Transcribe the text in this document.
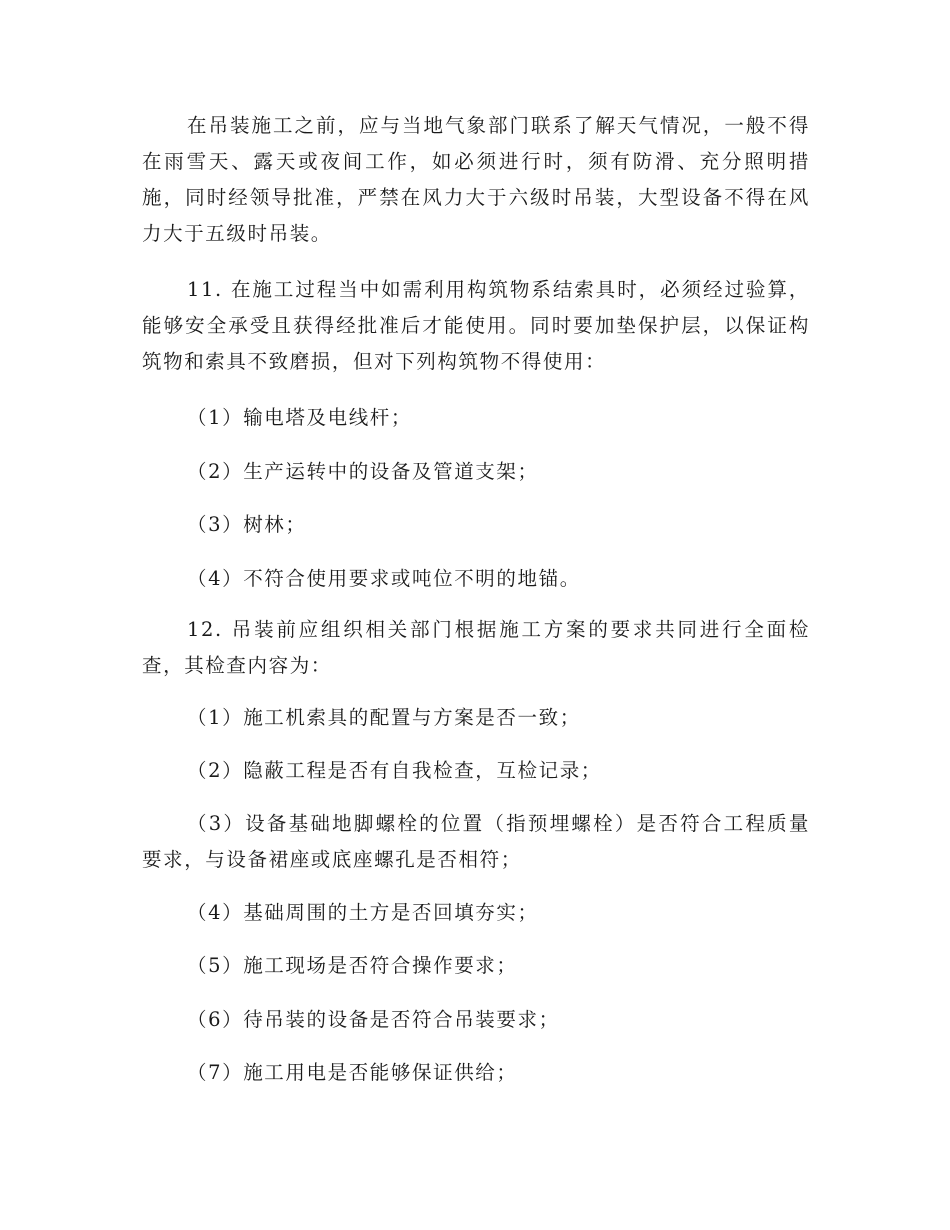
在吊装施工之前，应与当地气象部门联系了解天气情况，一般不得在雨雪天、露天或夜间工作，如必须进行时，须有防滑、充分照明措施，同时经领导批准，严禁在风力大于六级时吊装，大型设备不得在风力大于五级时吊装。

11. 在施工过程当中如需利用构筑物系结索具时，必须经过验算，能够安全承受且获得经批准后才能使用。同时要加垫保护层，以保证构筑物和索具不致磨损，但对下列构筑物不得使用：

（1）输电塔及电线杆；

（2）生产运转中的设备及管道支架；

（3）树林；

（4）不符合使用要求或吨位不明的地锚。

12. 吊装前应组织相关部门根据施工方案的要求共同进行全面检查，其检查内容为：

（1）施工机索具的配置与方案是否一致；

（2）隐蔽工程是否有自我检查，互检记录；

（3）设备基础地脚螺栓的位置（指预埋螺栓）是否符合工程质量要求，与设备裙座或底座螺孔是否相符；

（4）基础周围的土方是否回填夯实；

（5）施工现场是否符合操作要求；

（6）待吊装的设备是否符合吊装要求；

（7）施工用电是否能够保证供给；
